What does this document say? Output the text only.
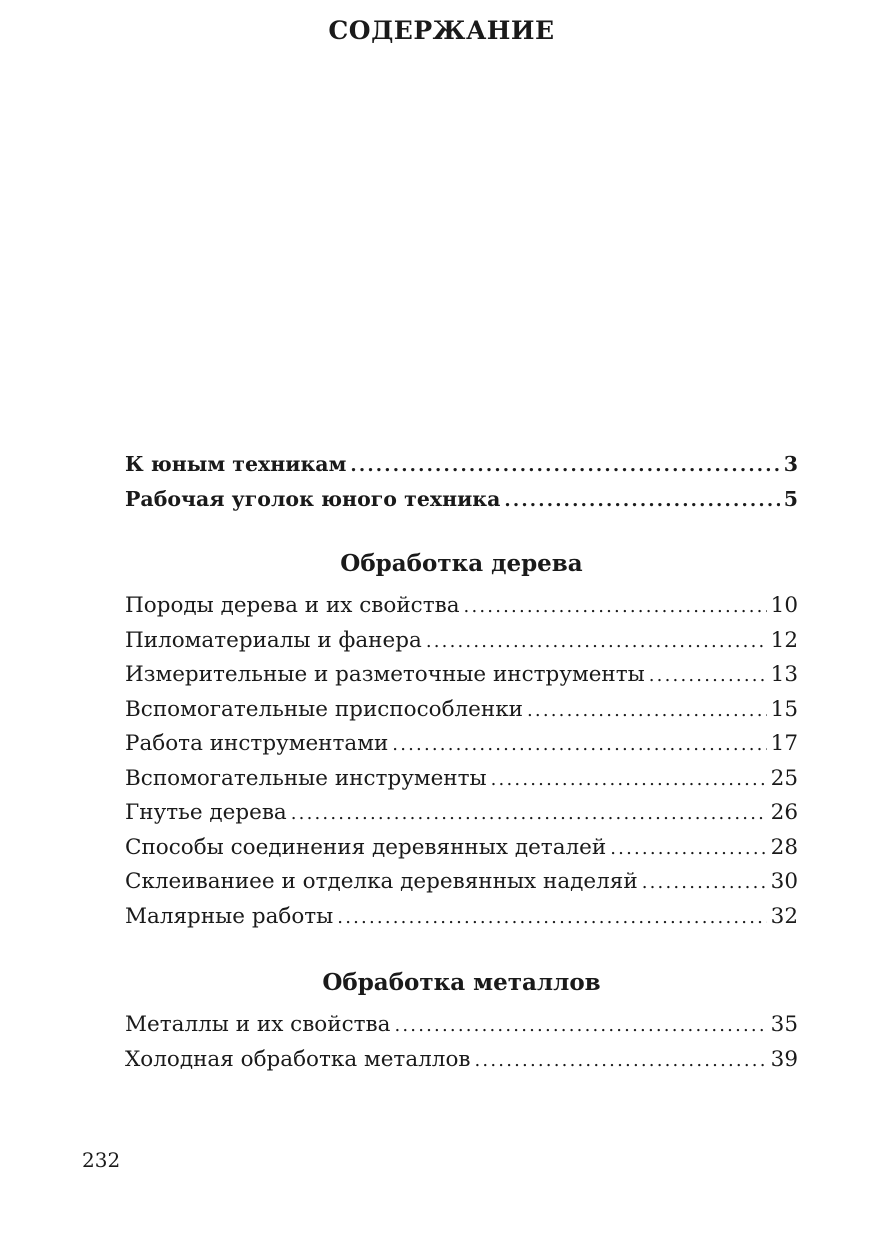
СОДЕРЖАНИЕ
К юным техникам .....	3
Рабочая уголок юного техника .....	5
Обработка дерева
Породы дерева и их свойства .....	10
Пиломатериалы и фанера .....	12
Измерительные и разметочные инструменты .....	13
Вспомогательные приспособленки .....	15
Работа инструментами .....	17
Вспомогательные инструменты .....	25
Гнутье дерева .....	26
Способы соединения деревянных деталей .....	28
Склеиваниее и отделка деревянных наделяй .....	30
Малярные работы .....	32
Обработка металлов
Металлы и их свойства .....	35
Холодная обработка металлов .....	39
232
